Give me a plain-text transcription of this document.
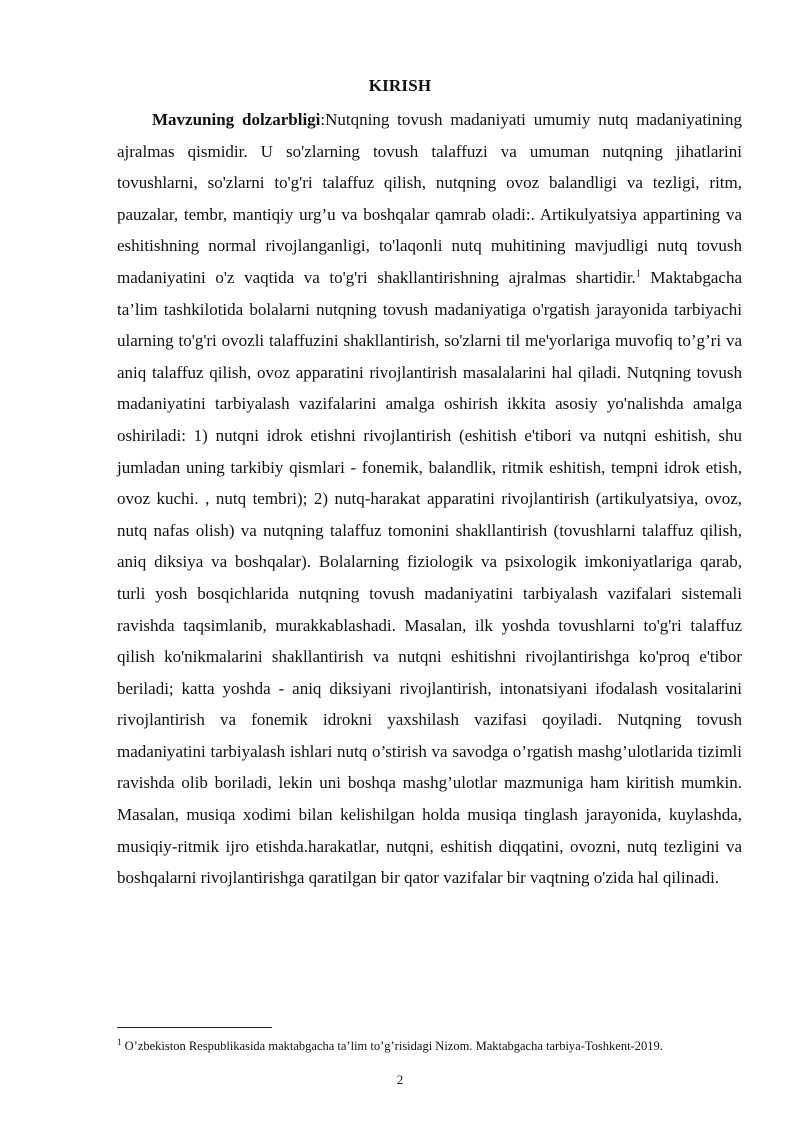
KIRISH

Mavzuning dolzarbligi:Nutqning tovush madaniyati umumiy nutq madaniyatining ajralmas qismidir. U so'zlarning tovush talaffuzi va umuman nutqning jihatlarini tovushlarni, so'zlarni to'g'ri talaffuz qilish, nutqning ovoz balandligi va tezligi, ritm, pauzalar, tembr, mantiqiy urg’u va boshqalar qamrab oladi:. Artikulyatsiya appartining va eshitishning normal rivojlanganligi, to'laqonli nutq muhitining mavjudligi nutq tovush madaniyatini o'z vaqtida va to'g'ri shakllantirishning ajralmas shartidir.$^1$ Maktabgacha ta’lim tashkilotida bolalarni nutqning tovush madaniyatiga o'rgatish jarayonida tarbiyachi ularning to'g'ri ovozli talaffuzini shakllantirish, so'zlarni til me'yorlariga muvofiq to’g’ri va aniq talaffuz qilish, ovoz apparatini rivojlantirish masalalarini hal qiladi. Nutqning tovush madaniyatini tarbiyalash vazifalarini amalga oshirish ikkita asosiy yo'nalishda amalga oshiriladi: 1) nutqni idrok etishni rivojlantirish (eshitish e'tibori va nutqni eshitish, shu jumladan uning tarkibiy qismlari - fonemik, balandlik, ritmik eshitish, tempni idrok etish, ovoz kuchi. , nutq tembri); 2) nutq-harakat apparatini rivojlantirish (artikulyatsiya, ovoz, nutq nafas olish) va nutqning talaffuz tomonini shakllantirish (tovushlarni talaffuz qilish, aniq diksiya va boshqalar). Bolalarning fiziologik va psixologik imkoniyatlariga qarab, turli yosh bosqichlarida nutqning tovush madaniyatini tarbiyalash vazifalari sistemali ravishda taqsimlanib, murakkablashadi. Masalan, ilk yoshda tovushlarni to'g'ri talaffuz qilish ko'nikmalarini shakllantirish va nutqni eshitishni rivojlantirishga ko'proq e'tibor beriladi; katta yoshda - aniq diksiyani rivojlantirish, intonatsiyani ifodalash vositalarini rivojlantirish va fonemik idrokni yaxshilash vazifasi qoyiladi. Nutqning tovush madaniyatini tarbiyalash ishlari nutq o’stirish va savodga o’rgatish mashg’ulotlarida tizimli ravishda olib boriladi, lekin uni boshqa mashg’ulotlar mazmuniga ham kiritish mumkin. Masalan, musiqa xodimi bilan kelishilgan holda musiqa tinglash jarayonida, kuylashda, musiqiy-ritmik ijro etishda.harakatlar, nutqni, eshitish diqqatini, ovozni, nutq tezligini va boshqalarni rivojlantirishga qaratilgan bir qator vazifalar bir vaqtning o'zida hal qilinadi.

$^1$ O’zbekiston Respublikasida maktabgacha ta’lim to’g’risidagi Nizom. Maktabgacha tarbiya-Toshkent-2019.

2
